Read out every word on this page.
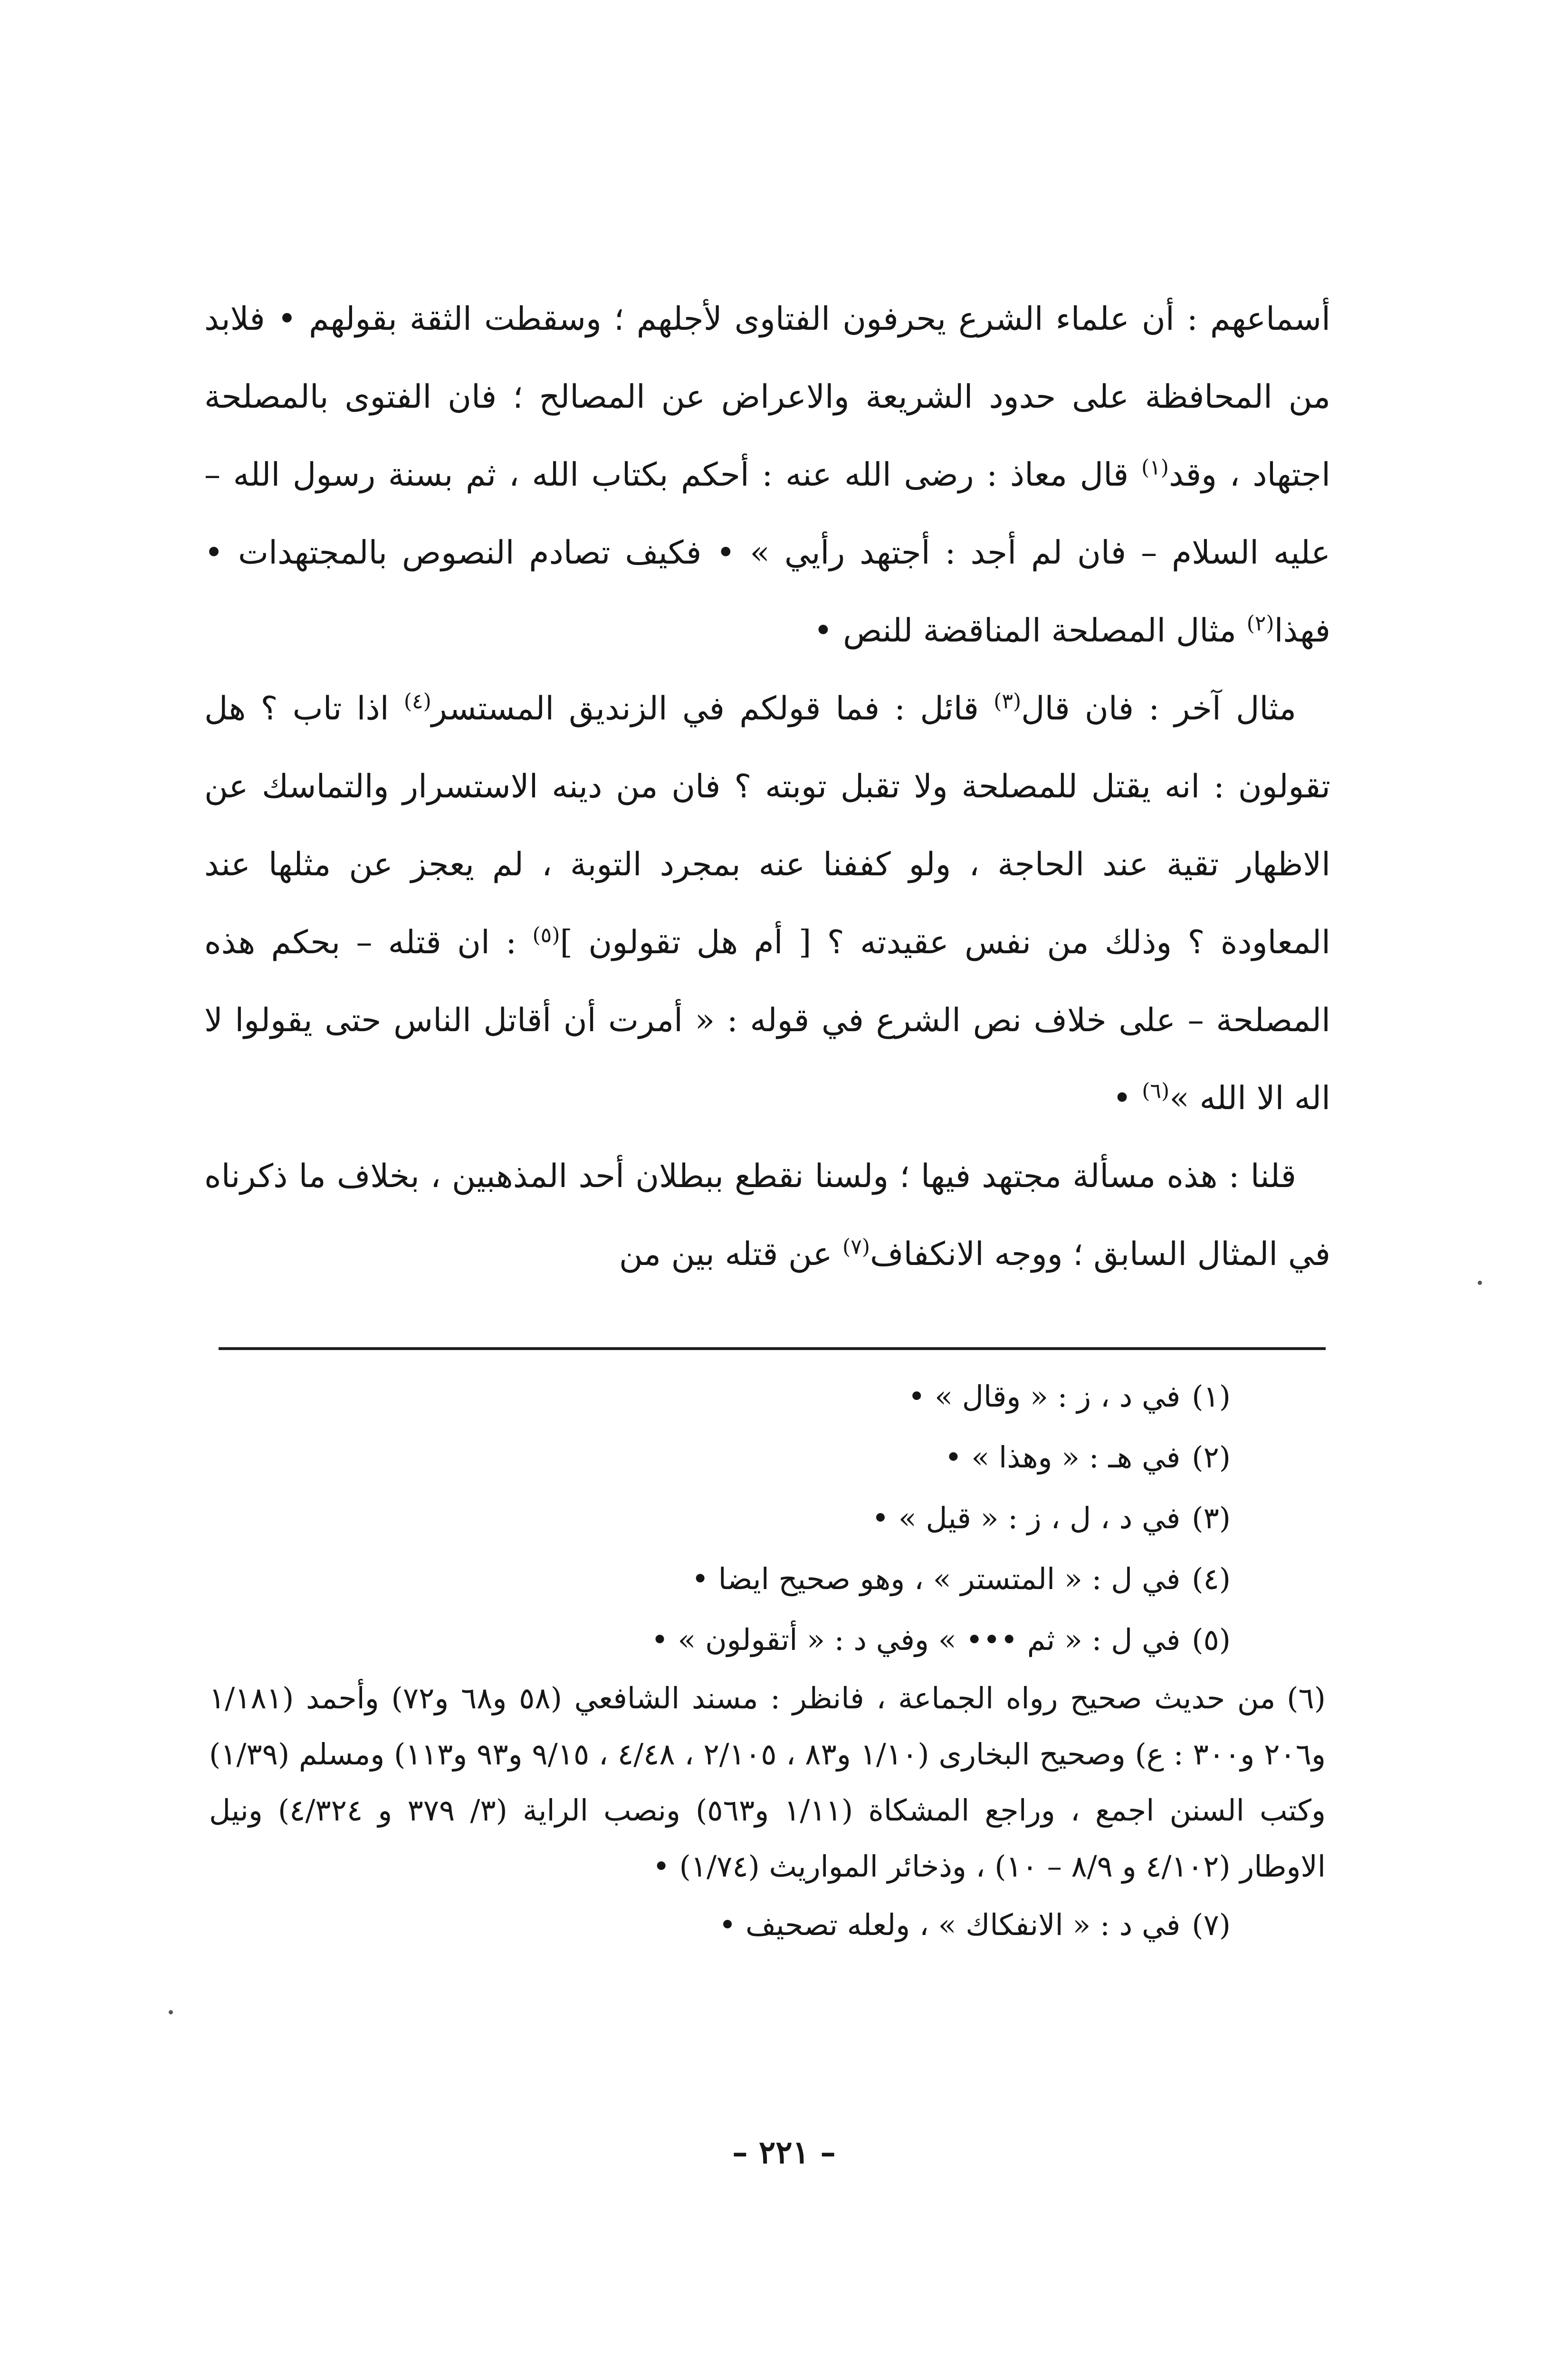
أسماعهم : أن علماء الشرع يحرفون الفتاوى لأجلهم ؛ وسقطت الثقة بقولهم • فلابد من المحافظة على حدود الشريعة والاعراض عن المصالح ؛ فان الفتوى بالمصلحة اجتهاد ، وقد$^{(١)}$ قال معاذ : رضى الله عنه : أحكم بكتاب الله ، ثم بسنة رسول الله – عليه السلام – فان لم أجد : أجتهد رأيي » • فكيف تصادم النصوص بالمجتهدات • فهذا$^{(٢)}$ مثال المصلحة المناقضة للنص •

مثال آخر : فان قال$^{(٣)}$ قائل : فما قولكم في الزنديق المستسر$^{(٤)}$ اذا تاب ؟ هل تقولون : انه يقتل للمصلحة ولا تقبل توبته ؟ فان من دينه الاستسرار والتماسك عن الاظهار تقية عند الحاجة ، ولو كففنا عنه بمجرد التوبة ، لم يعجز عن مثلها عند المعاودة ؟ وذلك من نفس عقيدته ؟ [ أم هل تقولون ]$^{(٥)}$ : ان قتله – بحكم هذه المصلحة – على خلاف نص الشرع في قوله : « أمرت أن أقاتل الناس حتى يقولوا لا اله الا الله »$^{(٦)}$ •

قلنا : هذه مسألة مجتهد فيها ؛ ولسنا نقطع ببطلان أحد المذهبين ، بخلاف ما ذكرناه في المثال السابق ؛ ووجه الانكفاف$^{(٧)}$ عن قتله بين من

(١)في د ، ز : « وقال » •

(٢)في هـ : « وهذا » •

(٣)في د ، ل ، ز : « قيل » •

(٤)في ل : « المتستر » ، وهو صحيح ايضا •

(٥)في ل : « ثم ••• » وفي د : « أتقولون » •

(٦)من حديث صحيح رواه الجماعة ، فانظر : مسند الشافعي (٥٨ و٦٨ و٧٢) وأحمد (١/١٨١ و٢٠٦ و٣٠٠ : ع) وصحيح البخارى (١/١٠ و٨٣ ، ٢/١٠٥ ، ٤/٤٨ ، ٩/١٥ و٩٣ و١١٣) ومسلم (١/٣٩) وكتب السنن اجمع ، وراجع المشكاة (١/١١ و٥٦٣) ونصب الراية (٣/ ٣٧٩ و ٤/٣٢٤) ونيل الاوطار (٤/١٠٢ و ٨/٩ – ١٠) ، وذخائر المواريث (١/٧٤) •

(٧)في د : « الانفكاك » ، ولعله تصحيف •

– ٢٢١ –
